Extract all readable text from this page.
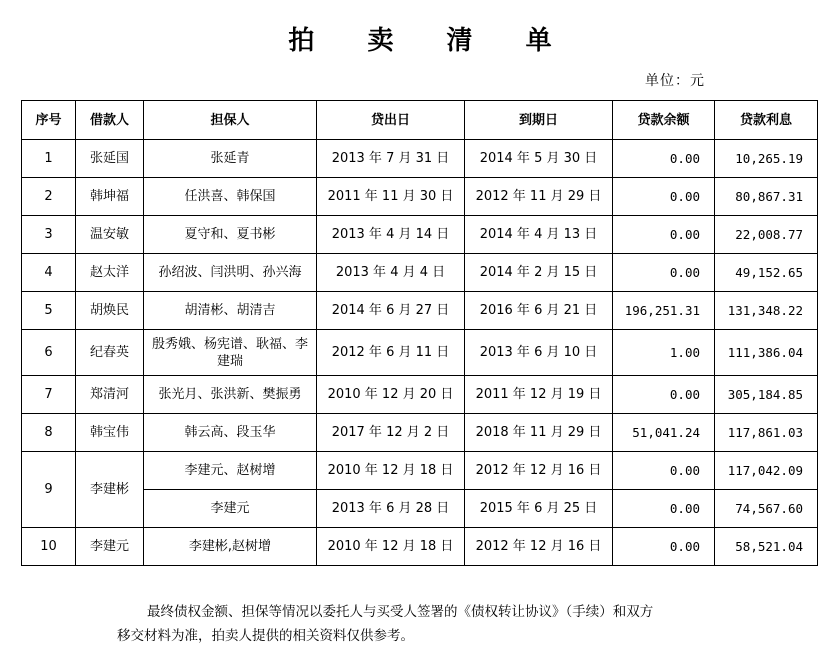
拍 卖 清 单
单位：元
序号	借款人	担保人	贷出日	到期日	贷款余额	贷款利息
1	张延国	张延青	2013 年 7 月 31 日	2014 年 5 月 30 日	0.00	10,265.19
2	韩坤福	任洪喜、韩保国	2011 年 11 月 30 日	2012 年 11 月 29 日	0.00	80,867.31
3	温安敏	夏守和、夏书彬	2013 年 4 月 14 日	2014 年 4 月 13 日	0.00	22,008.77
4	赵太洋	孙绍波、闫洪明、孙兴海	2013 年 4 月 4 日	2014 年 2 月 15 日	0.00	49,152.65
5	胡焕民	胡清彬、胡清吉	2014 年 6 月 27 日	2016 年 6 月 21 日	196,251.31	131,348.22
6	纪春英	殷秀娥、杨宪谱、耿福、李建瑞	2012 年 6 月 11 日	2013 年 6 月 10 日	1.00	111,386.04
7	郑清河	张光月、张洪新、樊振勇	2010 年 12 月 20 日	2011 年 12 月 19 日	0.00	305,184.85
8	韩宝伟	韩云高、段玉华	2017 年 12 月 2 日	2018 年 11 月 29 日	51,041.24	117,861.03
9	李建彬	李建元、赵树增	2010 年 12 月 18 日	2012 年 12 月 16 日	0.00	117,042.09
		李建元	2013 年 6 月 28 日	2015 年 6 月 25 日	0.00	74,567.60
10	李建元	李建彬,赵树增	2010 年 12 月 18 日	2012 年 12 月 16 日	0.00	58,521.04

最终债权金额、担保等情况以委托人与买受人签署的《债权转让协议》（手续）和双方

移交材料为准，拍卖人提供的相关资料仅供参考。
